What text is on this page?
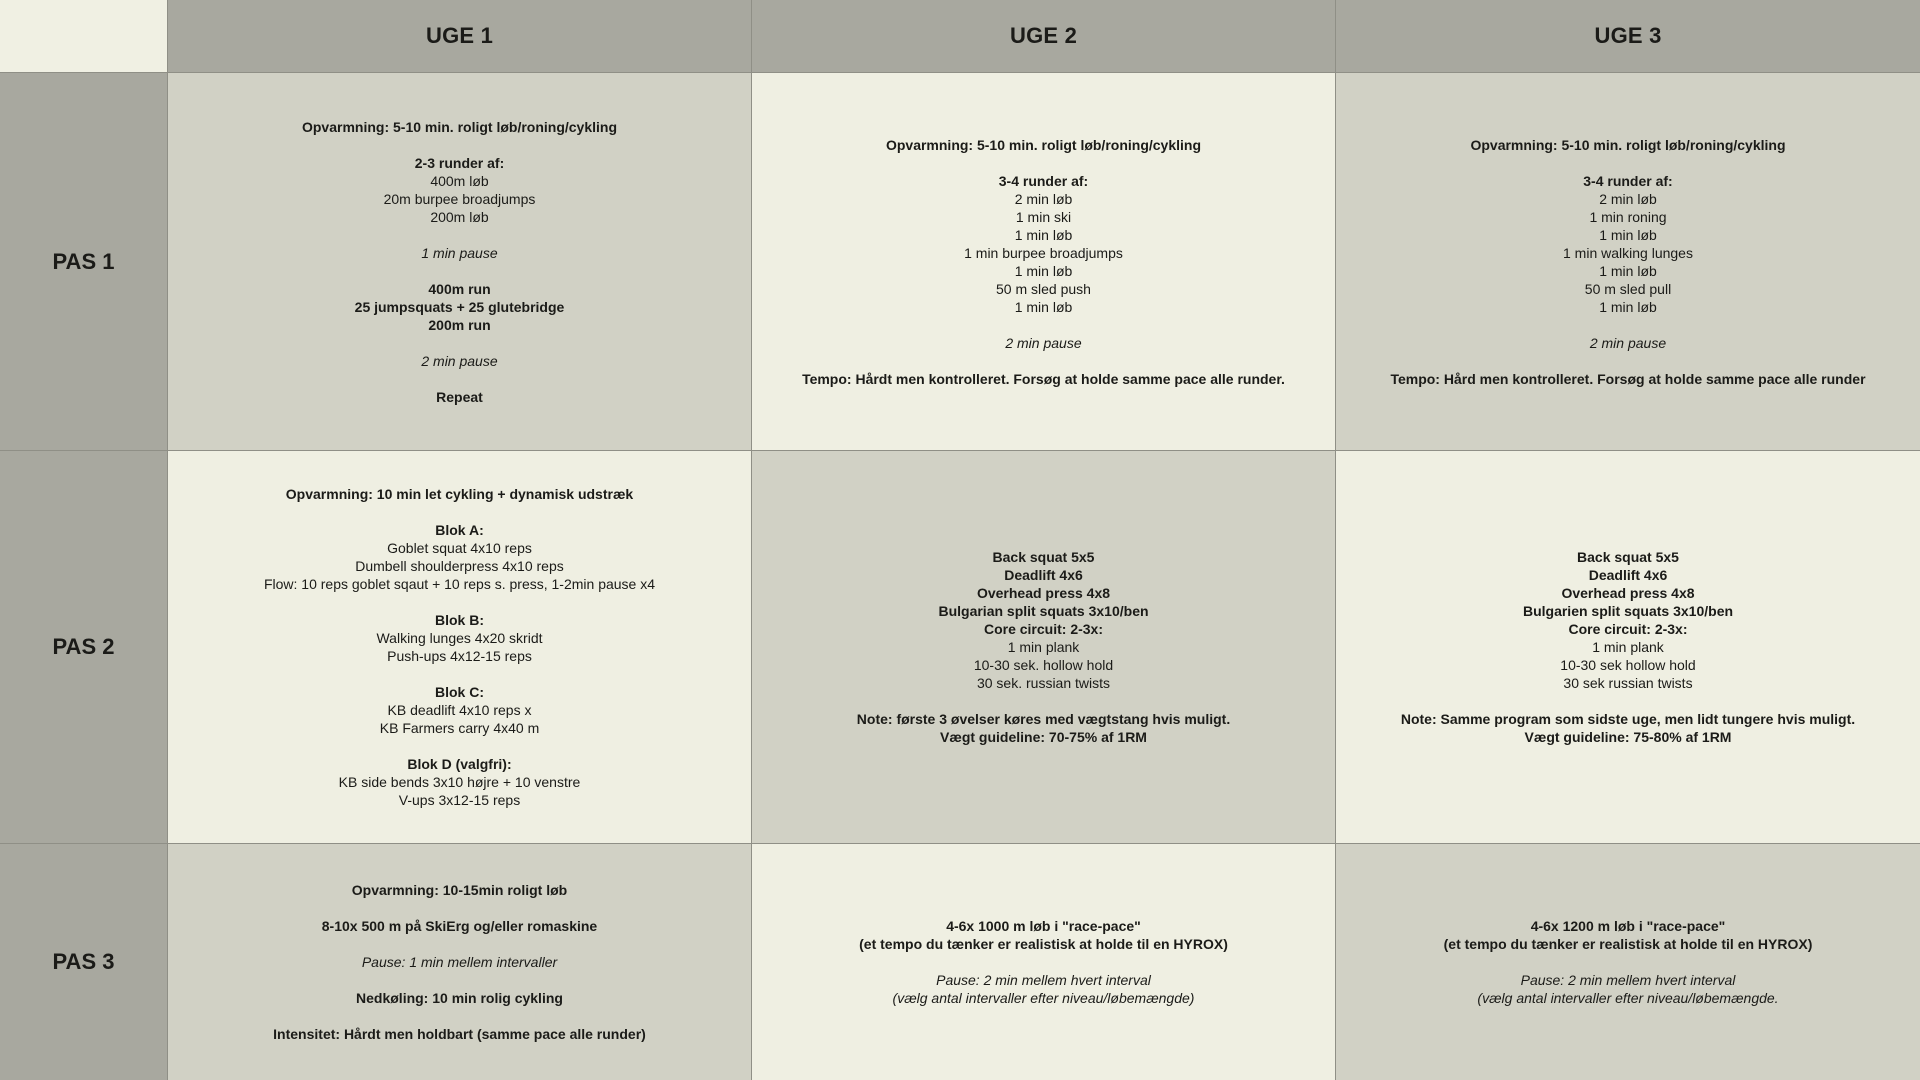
UGE 1	UGE 2	UGE 3
PAS 1
Opvarmning: 5-10 min. roligt løb/roning/cykling
2-3 runder af:
400m løb
20m burpee broadjumps
200m løb
1 min pause
400m run
25 jumpsquats + 25 glutebridge
200m run
2 min pause
Repeat
Opvarmning: 5-10 min. roligt løb/roning/cykling
3-4 runder af:
2 min løb
1 min ski
1 min løb
1 min burpee broadjumps
1 min løb
50 m sled push
1 min løb
2 min pause
Tempo: Hårdt men kontrolleret. Forsøg at holde samme pace alle runder.
Opvarmning: 5-10 min. roligt løb/roning/cykling
3-4 runder af:
2 min løb
1 min roning
1 min løb
1 min walking lunges
1 min løb
50 m sled pull
1 min løb
2 min pause
Tempo: Hård men kontrolleret. Forsøg at holde samme pace alle runder
PAS 2
Opvarmning: 10 min let cykling + dynamisk udstræk
Blok A:
Goblet squat 4x10 reps
Dumbell shoulderpress 4x10 reps
Flow: 10 reps goblet sqaut + 10 reps s. press, 1-2min pause x4
Blok B:
Walking lunges 4x20 skridt
Push-ups 4x12-15 reps
Blok C:
KB deadlift 4x10 reps x
KB Farmers carry 4x40 m
Blok D (valgfri):
KB side bends 3x10 højre + 10 venstre
V-ups 3x12-15 reps
Back squat 5x5
Deadlift 4x6
Overhead press 4x8
Bulgarian split squats 3x10/ben
Core circuit: 2-3x:
1 min plank
10-30 sek. hollow hold
30 sek. russian twists
Note: første 3 øvelser køres med vægtstang hvis muligt.
Vægt guideline: 70-75% af 1RM
Back squat 5x5
Deadlift 4x6
Overhead press 4x8
Bulgarien split squats 3x10/ben
Core circuit: 2-3x:
1 min plank
10-30 sek hollow hold
30 sek russian twists
Note: Samme program som sidste uge, men lidt tungere hvis muligt.
Vægt guideline: 75-80% af 1RM
PAS 3
Opvarmning: 10-15min roligt løb
8-10x 500 m på SkiErg og/eller romaskine
Pause: 1 min mellem intervaller
Nedkøling: 10 min rolig cykling
Intensitet: Hårdt men holdbart (samme pace alle runder)
4-6x 1000 m løb i "race-pace"
(et tempo du tænker er realistisk at holde til en HYROX)
Pause: 2 min mellem hvert interval
(vælg antal intervaller efter niveau/løbemængde)
4-6x 1200 m løb i "race-pace"
(et tempo du tænker er realistisk at holde til en HYROX)
Pause: 2 min mellem hvert interval
(vælg antal intervaller efter niveau/løbemængde.
